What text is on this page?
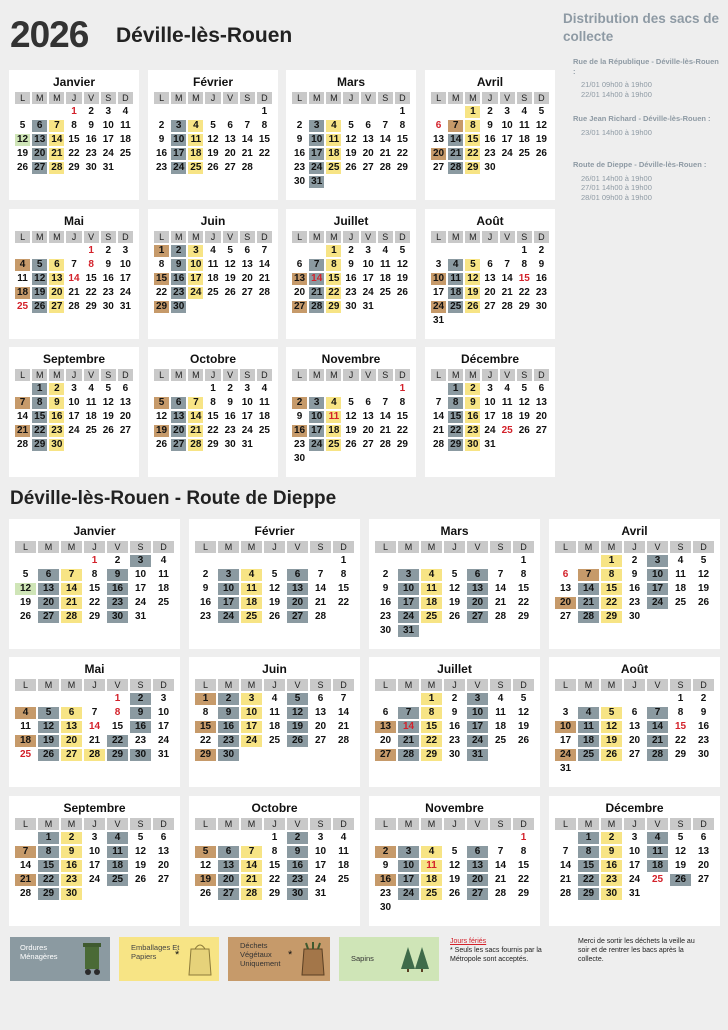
2026 Déville-lès-Rouen
Distribution des sacs de collecte
Rue de la République - Déville-lès-Rouen :
21/01 09h00 à 19h00
22/01 14h00 à 19h00
Rue Jean Richard - Déville-lès-Rouen :
23/01 14h00 à 19h00
Route de Dieppe - Déville-lès-Rouen :
26/01 14h00 à 19h00
27/01 14h00 à 19h00
28/01 09h00 à 19h00
Janvier
L	M	M	J	V	S	D
			1	2	3	4
5	6	7	8	9	10	11
12	13	14	15	16	17	18
19	20	21	22	23	24	25
26	27	28	29	30	31	
Février
L	M	M	J	V	S	D
						1
2	3	4	5	6	7	8
9	10	11	12	13	14	15
16	17	18	19	20	21	22
23	24	25	26	27	28	
Mars
L	M	M	J	V	S	D
						1
2	3	4	5	6	7	8
9	10	11	12	13	14	15
16	17	18	19	20	21	22
23	24	25	26	27	28	29
30	31					
Avril
L	M	M	J	V	S	D
		1	2	3	4	5
6	7	8	9	10	11	12
13	14	15	16	17	18	19
20	21	22	23	24	25	26
27	28	29	30			
Mai
L	M	M	J	V	S	D
				1	2	3
4	5	6	7	8	9	10
11	12	13	14	15	16	17
18	19	20	21	22	23	24
25	26	27	28	29	30	31
Juin
L	M	M	J	V	S	D
1	2	3	4	5	6	7
8	9	10	11	12	13	14
15	16	17	18	19	20	21
22	23	24	25	26	27	28
29	30					
Juillet
L	M	M	J	V	S	D
		1	2	3	4	5
6	7	8	9	10	11	12
13	14	15	16	17	18	19
20	21	22	23	24	25	26
27	28	29	30	31		
Août
L	M	M	J	V	S	D
					1	2
3	4	5	6	7	8	9
10	11	12	13	14	15	16
17	18	19	20	21	22	23
24	25	26	27	28	29	30
31						
Septembre
L	M	M	J	V	S	D
	1	2	3	4	5	6
7	8	9	10	11	12	13
14	15	16	17	18	19	20
21	22	23	24	25	26	27
28	29	30				
Octobre
L	M	M	J	V	S	D
			1	2	3	4
5	6	7	8	9	10	11
12	13	14	15	16	17	18
19	20	21	22	23	24	25
26	27	28	29	30	31	
Novembre
L	M	M	J	V	S	D
						1
2	3	4	5	6	7	8
9	10	11	12	13	14	15
16	17	18	19	20	21	22
23	24	25	26	27	28	29
30						
Décembre
L	M	M	J	V	S	D
	1	2	3	4	5	6
7	8	9	10	11	12	13
14	15	16	17	18	19	20
21	22	23	24	25	26	27
28	29	30	31			
Déville-lès-Rouen - Route de Dieppe
Janvier
L	M	M	J	V	S	D
			1	2	3	4
5	6	7	8	9	10	11
12	13	14	15	16	17	18
19	20	21	22	23	24	25
26	27	28	29	30	31	
Février
L	M	M	J	V	S	D
						1
2	3	4	5	6	7	8
9	10	11	12	13	14	15
16	17	18	19	20	21	22
23	24	25	26	27	28	
Mars
L	M	M	J	V	S	D
						1
2	3	4	5	6	7	8
9	10	11	12	13	14	15
16	17	18	19	20	21	22
23	24	25	26	27	28	29
30	31					
Avril
L	M	M	J	V	S	D
		1	2	3	4	5
6	7	8	9	10	11	12
13	14	15	16	17	18	19
20	21	22	23	24	25	26
27	28	29	30			
Mai
L	M	M	J	V	S	D
				1	2	3
4	5	6	7	8	9	10
11	12	13	14	15	16	17
18	19	20	21	22	23	24
25	26	27	28	29	30	31
Juin
L	M	M	J	V	S	D
1	2	3	4	5	6	7
8	9	10	11	12	13	14
15	16	17	18	19	20	21
22	23	24	25	26	27	28
29	30					
Juillet
L	M	M	J	V	S	D
		1	2	3	4	5
6	7	8	9	10	11	12
13	14	15	16	17	18	19
20	21	22	23	24	25	26
27	28	29	30	31		
Août
L	M	M	J	V	S	D
					1	2
3	4	5	6	7	8	9
10	11	12	13	14	15	16
17	18	19	20	21	22	23
24	25	26	27	28	29	30
31						
Septembre
L	M	M	J	V	S	D
	1	2	3	4	5	6
7	8	9	10	11	12	13
14	15	16	17	18	19	20
21	22	23	24	25	26	27
28	29	30				
Octobre
L	M	M	J	V	S	D
			1	2	3	4
5	6	7	8	9	10	11
12	13	14	15	16	17	18
19	20	21	22	23	24	25
26	27	28	29	30	31	
Novembre
L	M	M	J	V	S	D
						1
2	3	4	5	6	7	8
9	10	11	12	13	14	15
16	17	18	19	20	21	22
23	24	25	26	27	28	29
30						
Décembre
L	M	M	J	V	S	D
	1	2	3	4	5	6
7	8	9	10	11	12	13
14	15	16	17	18	19	20
21	22	23	24	25	26	27
28	29	30	31			
Ordures Ménagères
Emballages Et Papiers	*
Déchets Végétaux Uniquement
*	Sapins
Jours fériés
* Seuls les sacs fournis par la Métropole sont acceptés.
Merci de sortir les déchets la veille au soir et de rentrer les bacs après la collecte.
